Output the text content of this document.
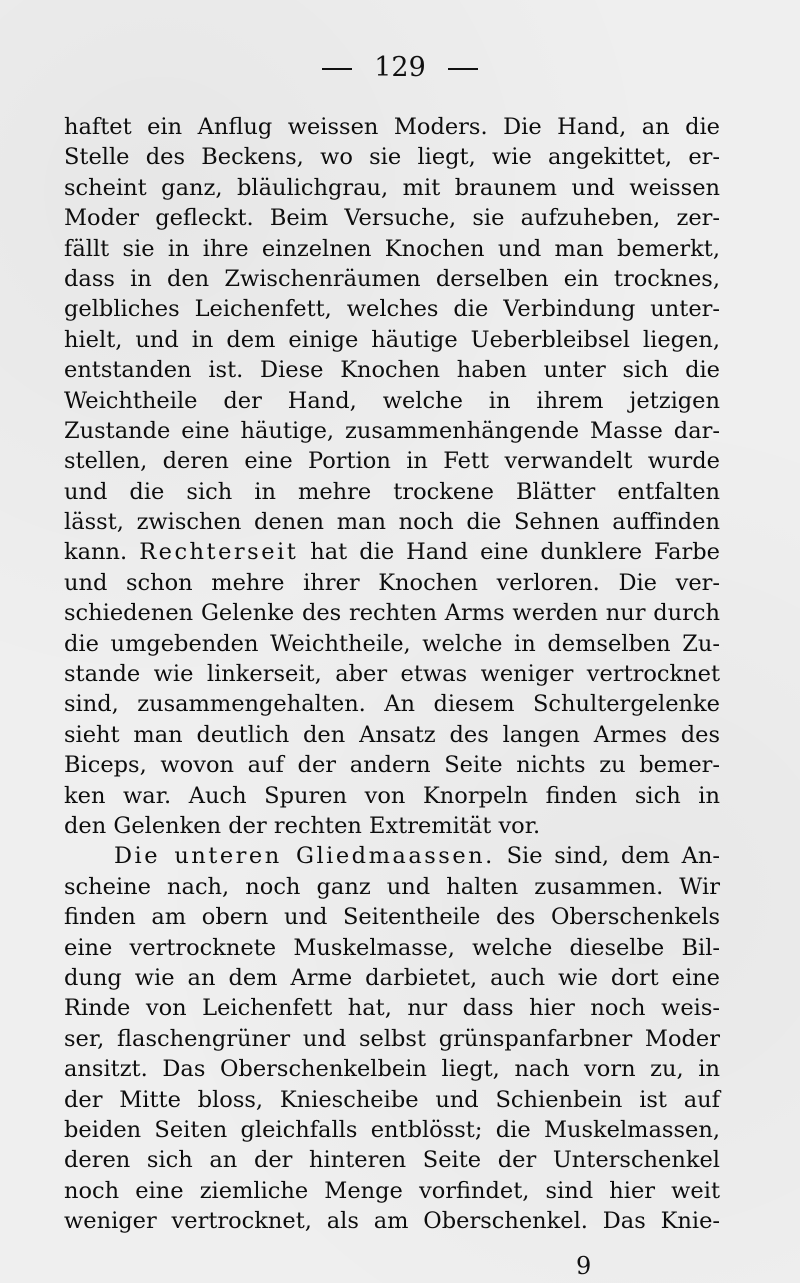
129
haftet ein Anflug weissen Moders. Die Hand, an die
Stelle des Beckens, wo sie liegt, wie angekittet, er-
scheint ganz, bläulichgrau, mit braunem und weissen
Moder gefleckt. Beim Versuche, sie aufzuheben, zer-
fällt sie in ihre einzelnen Knochen und man bemerkt,
dass in den Zwischenräumen derselben ein trocknes,
gelbliches Leichenfett, welches die Verbindung unter-
hielt, und in dem einige häutige Ueberbleibsel liegen,
entstanden ist. Diese Knochen haben unter sich die
Weichtheile der Hand, welche in ihrem jetzigen
Zustande eine häutige, zusammenhängende Masse dar-
stellen, deren eine Portion in Fett verwandelt wurde
und die sich in mehre trockene Blätter entfalten
lässt, zwischen denen man noch die Sehnen auffinden
kann. Rechterseit hat die Hand eine dunklere Farbe
und schon mehre ihrer Knochen verloren. Die ver-
schiedenen Gelenke des rechten Arms werden nur durch
die umgebenden Weichtheile, welche in demselben Zu-
stande wie linkerseit, aber etwas weniger vertrocknet
sind, zusammengehalten. An diesem Schultergelenke
sieht man deutlich den Ansatz des langen Armes des
Biceps, wovon auf der andern Seite nichts zu bemer-
ken war. Auch Spuren von Knorpeln finden sich in
den Gelenken der rechten Extremität vor.
Die unteren Gliedmaassen. Sie sind, dem An-
scheine nach, noch ganz und halten zusammen. Wir
finden am obern und Seitentheile des Oberschenkels
eine vertrocknete Muskelmasse, welche dieselbe Bil-
dung wie an dem Arme darbietet, auch wie dort eine
Rinde von Leichenfett hat, nur dass hier noch weis-
ser, flaschengrüner und selbst grünspanfarbner Moder
ansitzt. Das Oberschenkelbein liegt, nach vorn zu, in
der Mitte bloss, Kniescheibe und Schienbein ist auf
beiden Seiten gleichfalls entblösst; die Muskelmassen,
deren sich an der hinteren Seite der Unterschenkel
noch eine ziemliche Menge vorfindet, sind hier weit
weniger vertrocknet, als am Oberschenkel. Das Knie-
9
